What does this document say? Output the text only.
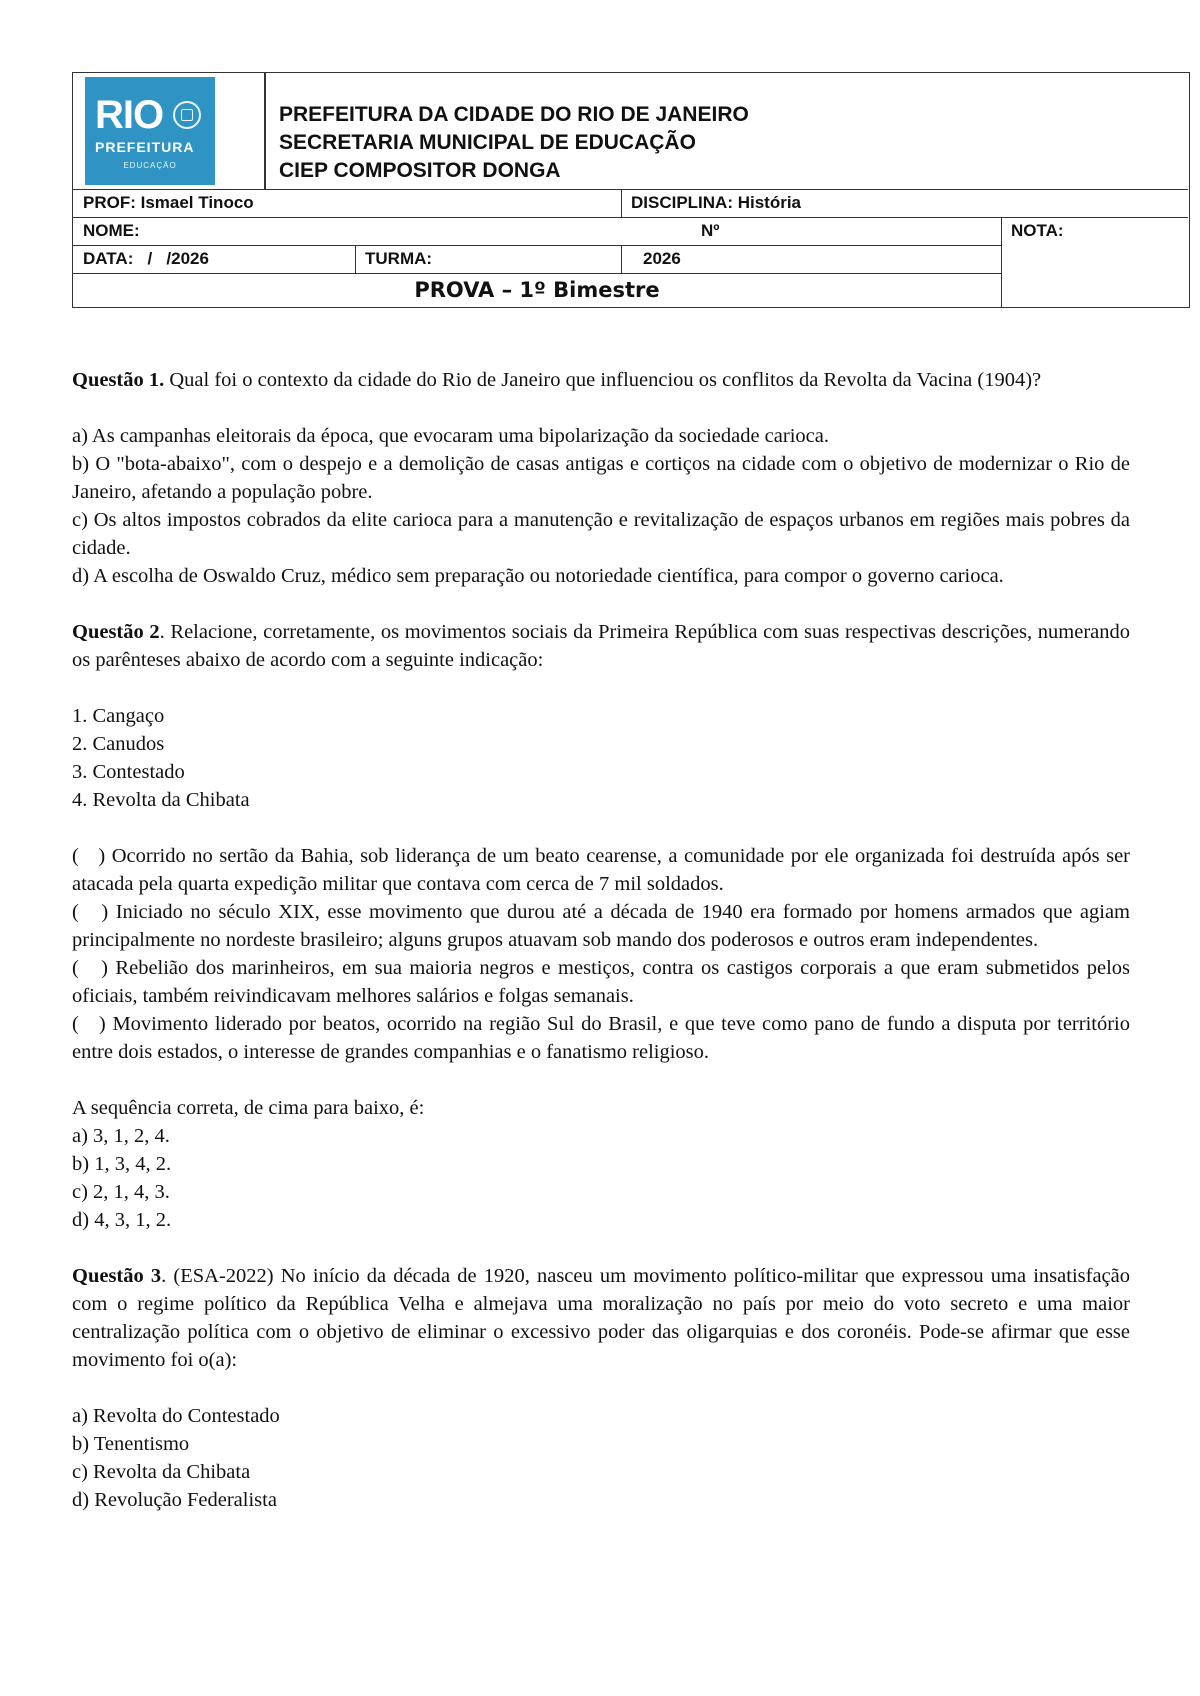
RIO
PREFEITURA
EDUCAÇÃO
PREFEITURA DA CIDADE DO RIO DE JANEIRO
SECRETARIA MUNICIPAL DE EDUCAÇÃO
CIEP COMPOSITOR DONGA
PROF: Ismael Tinoco	DISCIPLINA: História
NOME:	Nº	NOTA:
DATA:   /   /2026	TURMA:	2026
PROVA – 1º Bimestre

Questão 1. Qual foi o contexto da cidade do Rio de Janeiro que influenciou os conflitos da Revolta da Vacina (1904)?

a) As campanhas eleitorais da época, que evocaram uma bipolarização da sociedade carioca.

b) O "bota-abaixo", com o despejo e a demolição de casas antigas e cortiços na cidade com o objetivo de modernizar o Rio de Janeiro, afetando a população pobre.

c) Os altos impostos cobrados da elite carioca para a manutenção e revitalização de espaços urbanos em regiões mais pobres da cidade.

d) A escolha de Oswaldo Cruz, médico sem preparação ou notoriedade científica, para compor o governo carioca.

Questão 2. Relacione, corretamente, os movimentos sociais da Primeira República com suas respectivas descrições, numerando os parênteses abaixo de acordo com a seguinte indicação:

1. Cangaço

2. Canudos

3. Contestado

4. Revolta da Chibata

(   ) Ocorrido no sertão da Bahia, sob liderança de um beato cearense, a comunidade por ele organizada foi destruída após ser atacada pela quarta expedição militar que contava com cerca de 7 mil soldados.

(   ) Iniciado no século XIX, esse movimento que durou até a década de 1940 era formado por homens armados que agiam principalmente no nordeste brasileiro; alguns grupos atuavam sob mando dos poderosos e outros eram independentes.

(   ) Rebelião dos marinheiros, em sua maioria negros e mestiços, contra os castigos corporais a que eram submetidos pelos oficiais, também reivindicavam melhores salários e folgas semanais.

(   ) Movimento liderado por beatos, ocorrido na região Sul do Brasil, e que teve como pano de fundo a disputa por território entre dois estados, o interesse de grandes companhias e o fanatismo religioso.

A sequência correta, de cima para baixo, é:

a) 3, 1, 2, 4.

b) 1, 3, 4, 2.

c) 2, 1, 4, 3.

d) 4, 3, 1, 2.

Questão 3. (ESA-2022) No início da década de 1920, nasceu um movimento político-militar que expressou uma insatisfação com o regime político da República Velha e almejava uma moralização no país por meio do voto secreto e uma maior centralização política com o objetivo de eliminar o excessivo poder das oligarquias e dos coronéis. Pode-se afirmar que esse movimento foi o(a):

a) Revolta do Contestado

b) Tenentismo

c) Revolta da Chibata

d) Revolução Federalista
